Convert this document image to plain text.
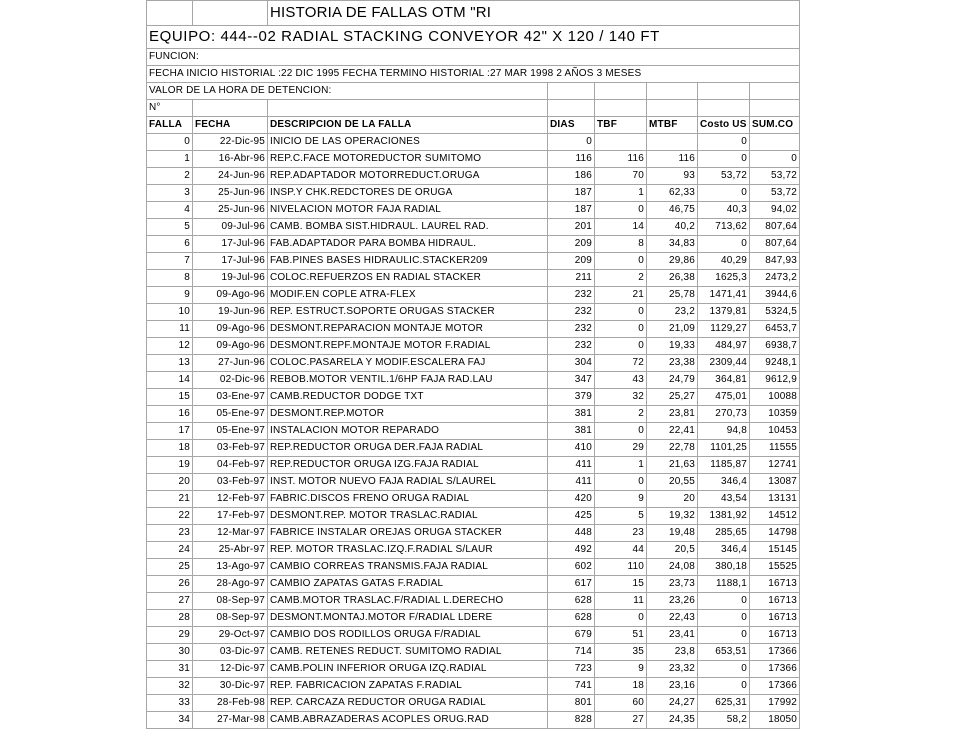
		HISTORIA DE FALLAS OTM "RI					
EQUIPO: 444--02 RADIAL STACKING CONVEYOR 42" X 120 / 140 FT							
FUNCION:							
FECHA INICIO HISTORIAL :22 DIC 1995 FECHA TERMINO HISTORIAL :27 MAR 1998 2 AÑOS 3 MESES							
VALOR DE LA HORA DE DETENCION:							
N°							
FALLA	FECHA	DESCRIPCION DE LA FALLA	DIAS	TBF	MTBF	Costo US	SUM.CO
0	22-Dic-95	INICIO DE LAS OPERACIONES	0			0	
1	16-Abr-96	REP.C.FACE MOTOREDUCTOR SUMITOMO	116	116	116	0	0
2	24-Jun-96	REP.ADAPTADOR MOTORREDUCT.ORUGA	186	70	93	53,72	53,72
3	25-Jun-96	INSP.Y CHK.REDCTORES DE ORUGA	187	1	62,33	0	53,72
4	25-Jun-96	NIVELACION MOTOR FAJA RADIAL	187	0	46,75	40,3	94,02
5	09-Jul-96	CAMB. BOMBA SIST.HIDRAUL. LAUREL RAD.	201	14	40,2	713,62	807,64
6	17-Jul-96	FAB.ADAPTADOR PARA BOMBA HIDRAUL.	209	8	34,83	0	807,64
7	17-Jul-96	FAB.PINES BASES HIDRAULIC.STACKER209	209	0	29,86	40,29	847,93
8	19-Jul-96	COLOC.REFUERZOS EN RADIAL STACKER	211	2	26,38	1625,3	2473,2
9	09-Ago-96	MODIF.EN COPLE ATRA-FLEX	232	21	25,78	1471,41	3944,6
10	19-Jun-96	REP. ESTRUCT.SOPORTE ORUGAS STACKER	232	0	23,2	1379,81	5324,5
11	09-Ago-96	DESMONT.REPARACION MONTAJE MOTOR	232	0	21,09	1129,27	6453,7
12	09-Ago-96	DESMONT.REPF.MONTAJE MOTOR F.RADIAL	232	0	19,33	484,97	6938,7
13	27-Jun-96	COLOC.PASARELA Y MODIF.ESCALERA FAJ	304	72	23,38	2309,44	9248,1
14	02-Dic-96	REBOB.MOTOR VENTIL.1/6HP FAJA RAD.LAU	347	43	24,79	364,81	9612,9
15	03-Ene-97	CAMB.REDUCTOR DODGE TXT	379	32	25,27	475,01	10088
16	05-Ene-97	DESMONT.REP.MOTOR	381	2	23,81	270,73	10359
17	05-Ene-97	INSTALACION MOTOR REPARADO	381	0	22,41	94,8	10453
18	03-Feb-97	REP.REDUCTOR ORUGA DER.FAJA RADIAL	410	29	22,78	1101,25	11555
19	04-Feb-97	REP.REDUCTOR ORUGA IZG.FAJA RADIAL	411	1	21,63	1185,87	12741
20	03-Feb-97	INST. MOTOR NUEVO FAJA RADIAL S/LAUREL	411	0	20,55	346,4	13087
21	12-Feb-97	FABRIC.DISCOS FRENO ORUGA RADIAL	420	9	20	43,54	13131
22	17-Feb-97	DESMONT.REP. MOTOR TRASLAC.RADIAL	425	5	19,32	1381,92	14512
23	12-Mar-97	FABRICE INSTALAR OREJAS ORUGA STACKER	448	23	19,48	285,65	14798
24	25-Abr-97	REP. MOTOR TRASLAC.IZQ.F.RADIAL S/LAUR	492	44	20,5	346,4	15145
25	13-Ago-97	CAMBIO CORREAS TRANSMIS.FAJA RADIAL	602	110	24,08	380,18	15525
26	28-Ago-97	CAMBIO ZAPATAS GATAS F.RADIAL	617	15	23,73	1188,1	16713
27	08-Sep-97	CAMB.MOTOR TRASLAC.F/RADIAL L.DERECHO	628	11	23,26	0	16713
28	08-Sep-97	DESMONT.MONTAJ.MOTOR F/RADIAL LDERE	628	0	22,43	0	16713
29	29-Oct-97	CAMBIO DOS RODILLOS ORUGA F/RADIAL	679	51	23,41	0	16713
30	03-Dic-97	CAMB. RETENES REDUCT. SUMITOMO RADIAL	714	35	23,8	653,51	17366
31	12-Dic-97	CAMB.POLIN INFERIOR ORUGA IZQ.RADIAL	723	9	23,32	0	17366
32	30-Dic-97	REP. FABRICACION ZAPATAS F.RADIAL	741	18	23,16	0	17366
33	28-Feb-98	REP. CARCAZA REDUCTOR ORUGA RADIAL	801	60	24,27	625,31	17992
34	27-Mar-98	CAMB.ABRAZADERAS ACOPLES ORUG.RAD	828	27	24,35	58,2	18050
